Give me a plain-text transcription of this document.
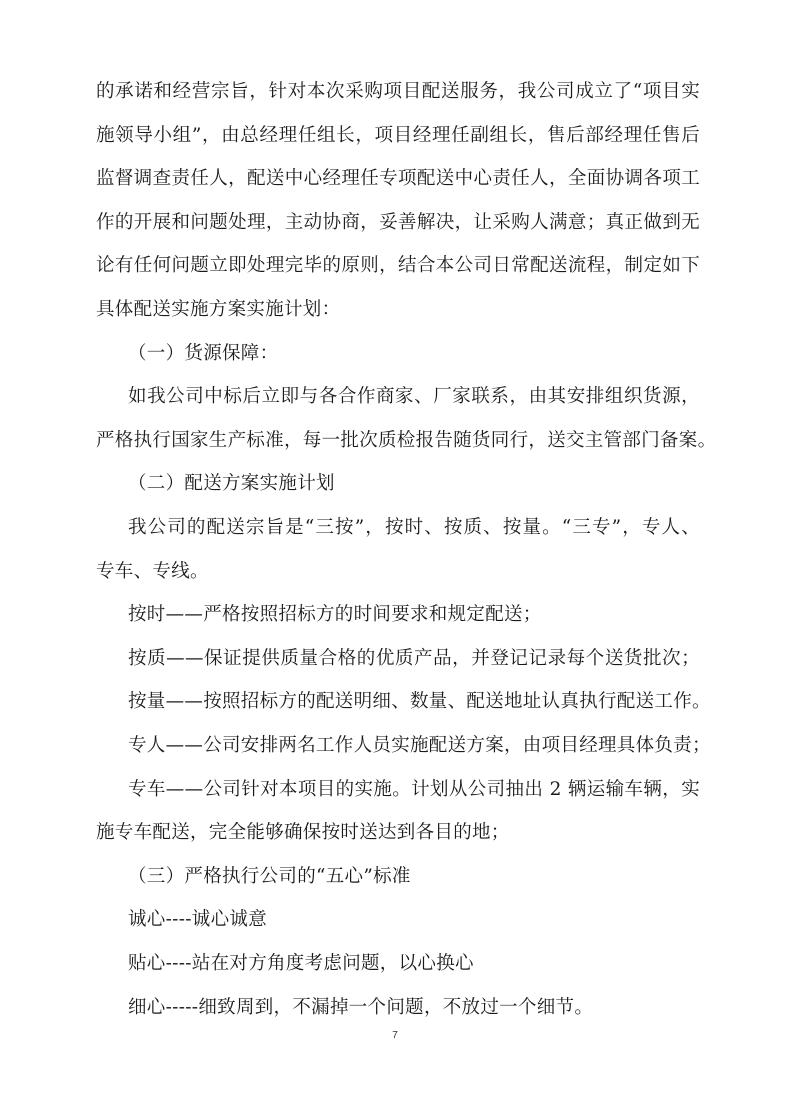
的承诺和经营宗旨，针对本次采购项目配送服务，我公司成立了“项目实
施领导小组”，由总经理任组长，项目经理任副组长，售后部经理任售后
监督调查责任人，配送中心经理任专项配送中心责任人，全面协调各项工
作的开展和问题处理，主动协商，妥善解决，让采购人满意；真正做到无
论有任何问题立即处理完毕的原则，结合本公司日常配送流程，制定如下
具体配送实施方案实施计划：
（一）货源保障：
如我公司中标后立即与各合作商家、厂家联系，由其安排组织货源，
严格执行国家生产标准，每一批次质检报告随货同行，送交主管部门备案。
（二）配送方案实施计划
我公司的配送宗旨是“三按”，按时、按质、按量。“三专”，专人、
专车、专线。
按时——严格按照招标方的时间要求和规定配送；
按质——保证提供质量合格的优质产品，并登记记录每个送货批次；
按量——按照招标方的配送明细、数量、配送地址认真执行配送工作。
专人——公司安排两名工作人员实施配送方案，由项目经理具体负责；
专车——公司针对本项目的实施。计划从公司抽出 2 辆运输车辆，实
施专车配送，完全能够确保按时送达到各目的地；
（三）严格执行公司的“五心”标准
诚心----诚心诚意
贴心----站在对方角度考虑问题，以心换心
细心-----细致周到，不漏掉一个问题，不放过一个细节。
7
